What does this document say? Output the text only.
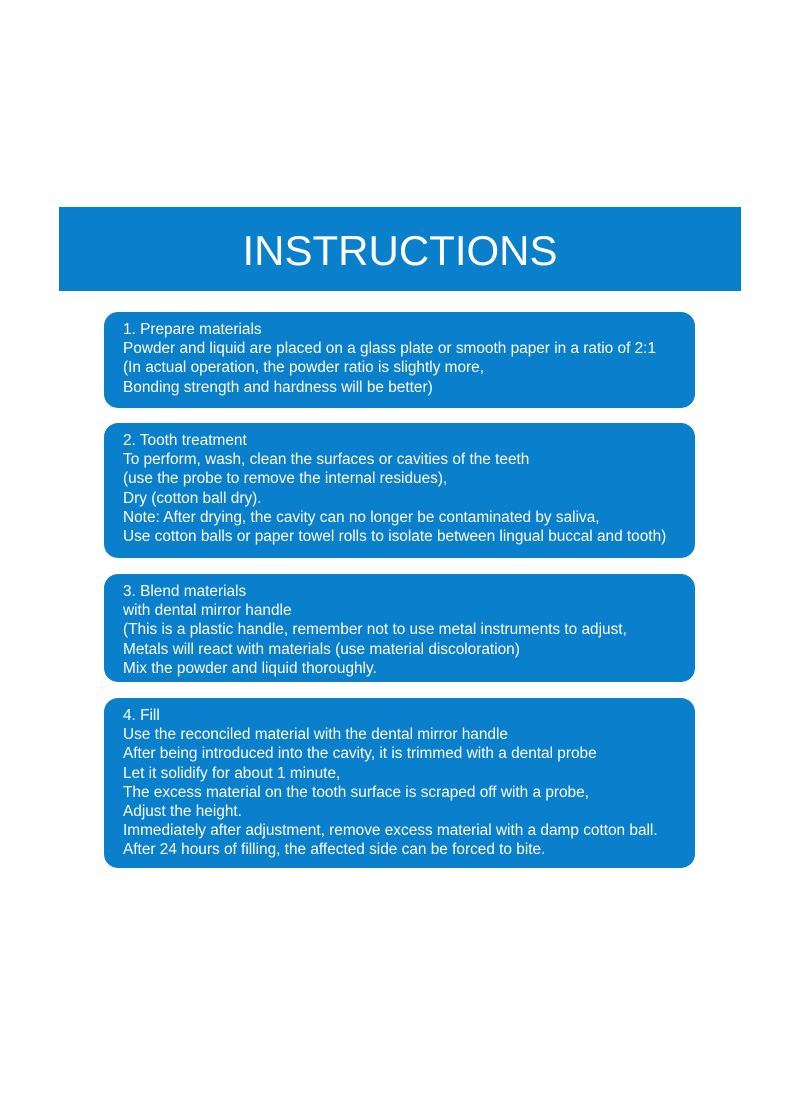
INSTRUCTIONS
1. Prepare materials
Powder and liquid are placed on a glass plate or smooth paper in a ratio of 2:1
(In actual operation, the powder ratio is slightly more,
Bonding strength and hardness will be better)
2. Tooth treatment
To perform, wash, clean the surfaces or cavities of the teeth
(use the probe to remove the internal residues),
Dry (cotton ball dry).
Note: After drying, the cavity can no longer be contaminated by saliva,
Use cotton balls or paper towel rolls to isolate between lingual buccal and tooth)
3. Blend materials
with dental mirror handle
(This is a plastic handle, remember not to use metal instruments to adjust,
Metals will react with materials (use material discoloration)
Mix the powder and liquid thoroughly.
4. Fill
Use the reconciled material with the dental mirror handle
After being introduced into the cavity, it is trimmed with a dental probe
Let it solidify for about 1 minute,
The excess material on the tooth surface is scraped off with a probe,
Adjust the height.
Immediately after adjustment, remove excess material with a damp cotton ball.
After 24 hours of filling, the affected side can be forced to bite.
